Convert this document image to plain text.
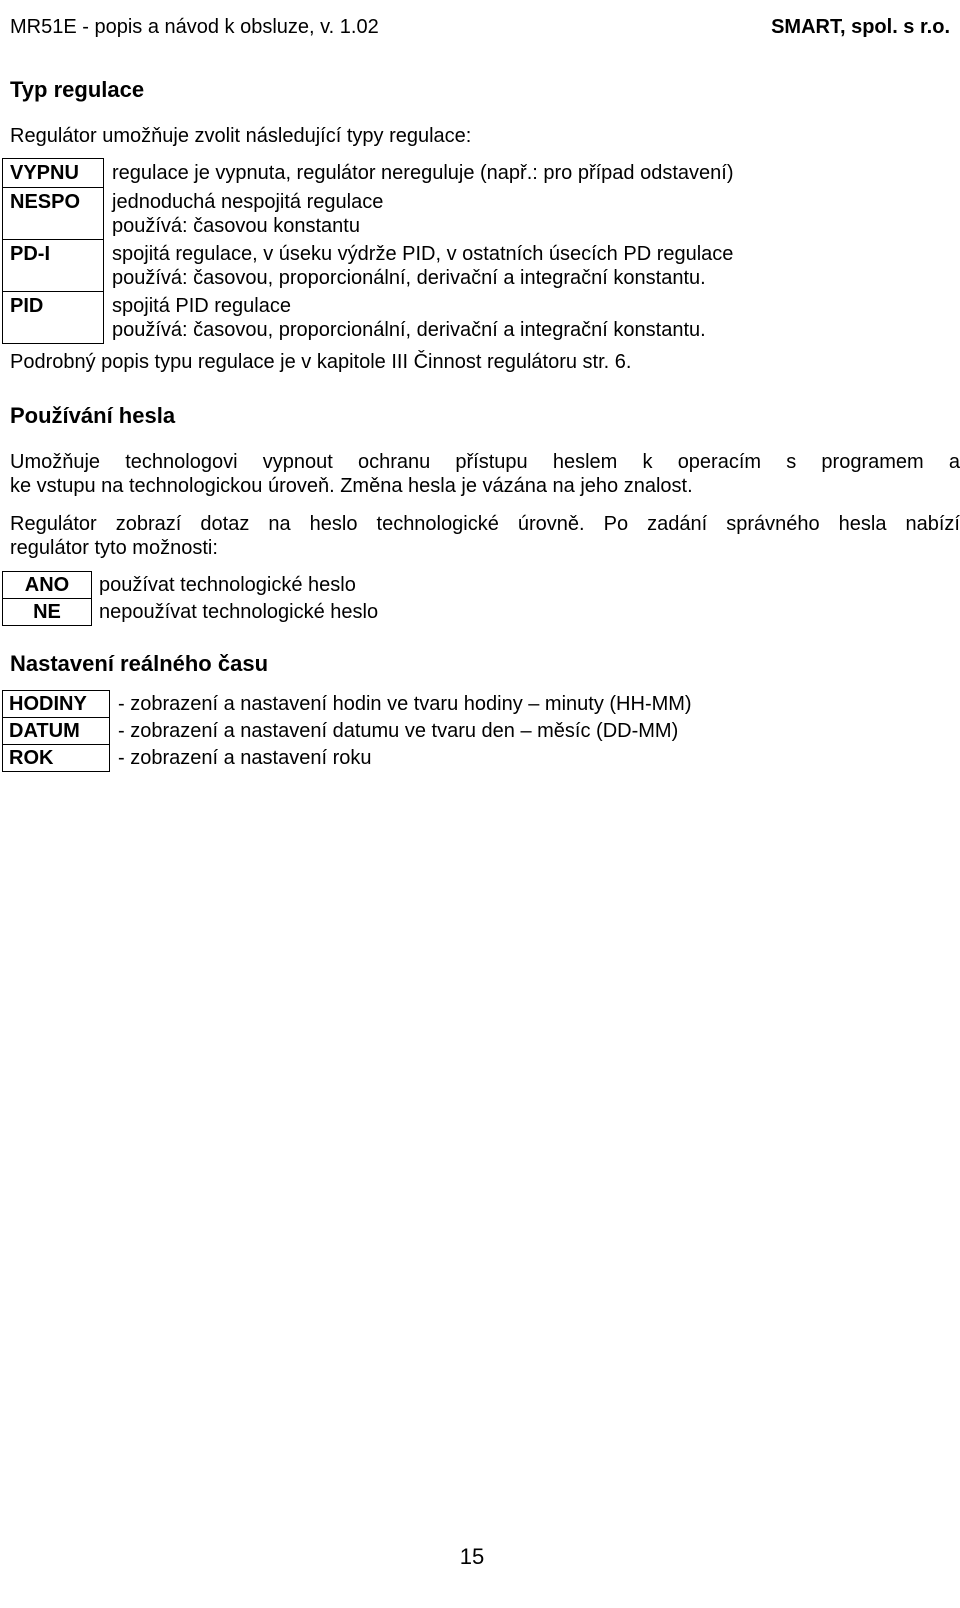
MR51E - popis a návod k obsluze, v. 1.02	SMART, spol. s r.o.
Typ regulace
Regulátor umožňuje zvolit následující typy regulace:
VYPNU	regulace je vypnuta, regulátor nereguluje (např.: pro případ odstavení)

NESPO	jednoduchá nespojitá regulace
používá: časovou konstantu

PD-I	spojitá regulace, v úseku výdrže PID, v ostatních úsecích PD regulace
používá: časovou, proporcionální, derivační a integrační konstantu.

PID	spojitá PID regulace
používá: časovou, proporcionální, derivační a integrační konstantu.
Podrobný popis typu regulace je v kapitole III Činnost regulátoru str. 6.
Používání hesla
Umožňuje technologovi vypnout ochranu přístupu heslem k operacím s programem a
ke vstupu na technologickou úroveň. Změna hesla je vázána na jeho znalost.
Regulátor zobrazí dotaz na heslo technologické úrovně. Po zadání správného hesla nabízí
regulátor tyto možnosti:
ANO	používat technologické heslo
NE	nepoužívat technologické heslo
Nastavení reálného času
HODINY	- zobrazení a nastavení hodin ve tvaru hodiny – minuty (HH-MM)
DATUM	- zobrazení a nastavení datumu ve tvaru den – měsíc (DD-MM)
ROK	- zobrazení a nastavení roku
15
